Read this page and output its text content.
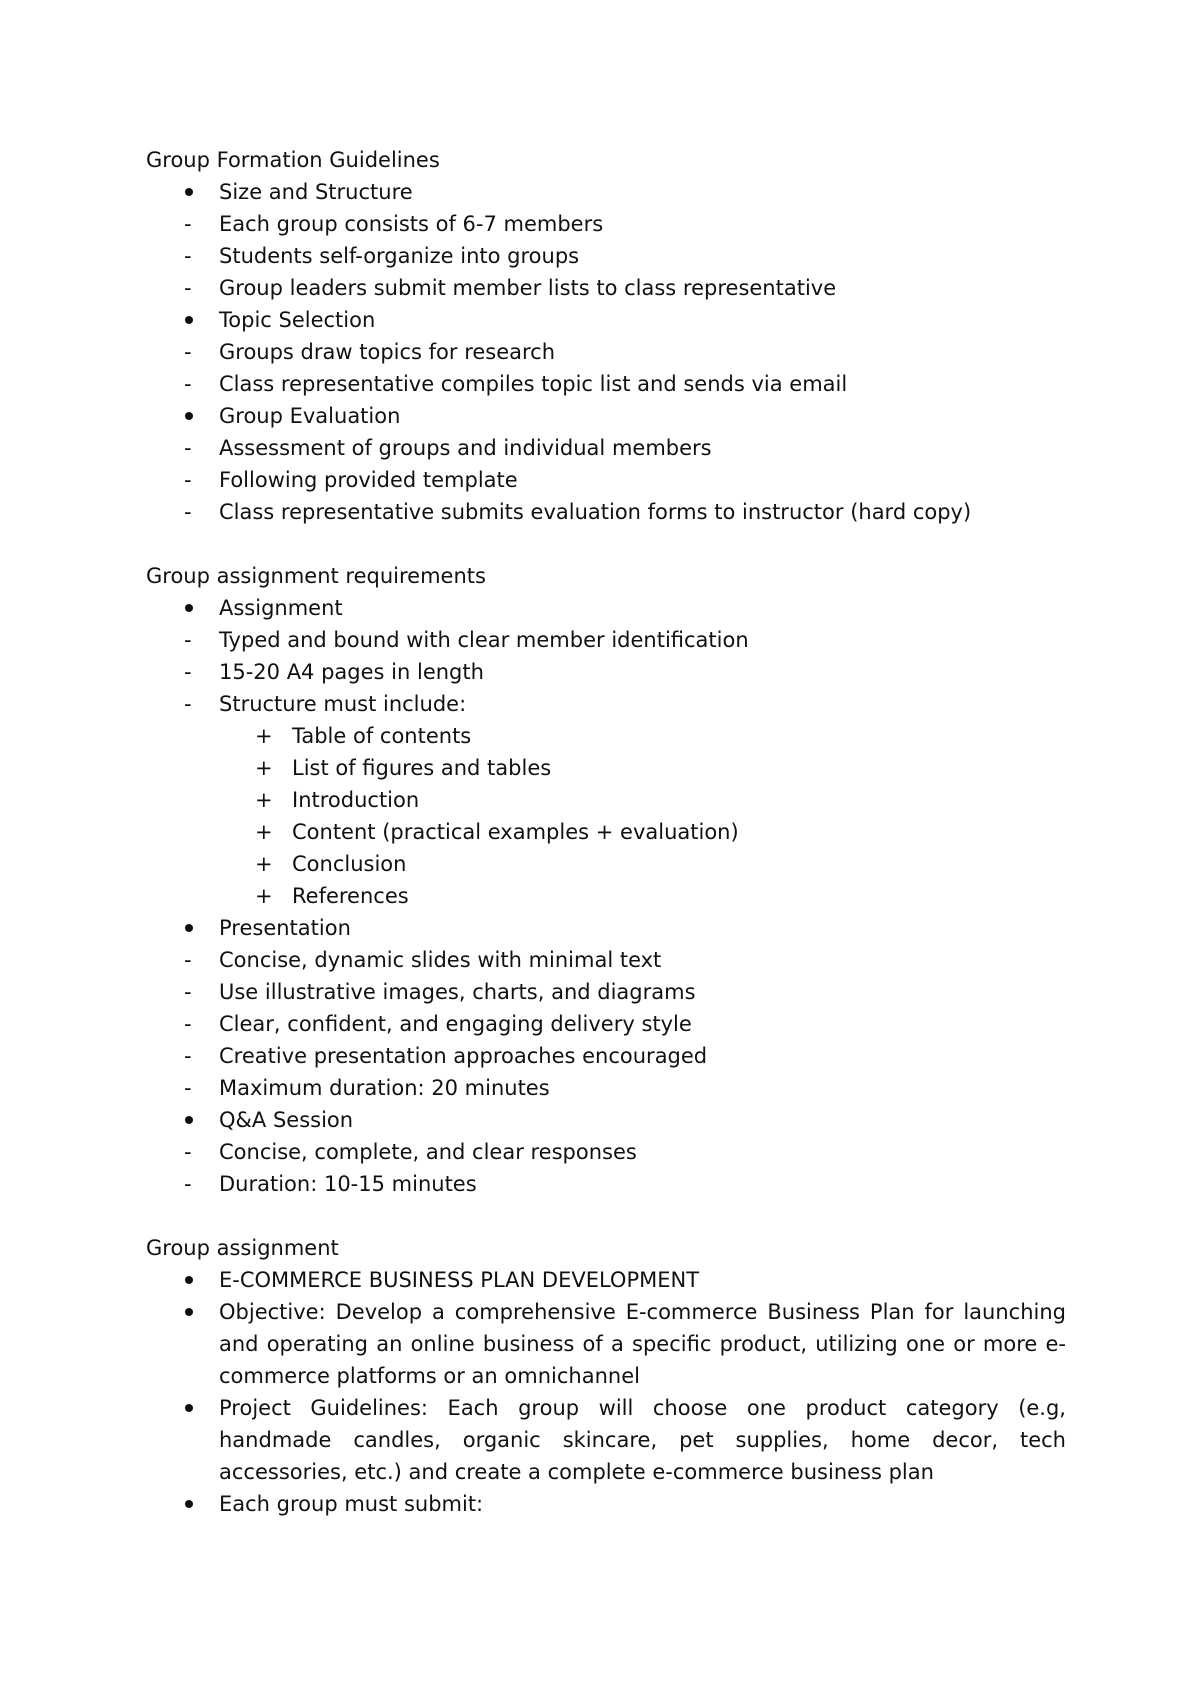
Group Formation Guidelines
Size and Structure
- Each group consists of 6-7 members
- Students self-organize into groups
- Group leaders submit member lists to class representative
Topic Selection
- Groups draw topics for research
- Class representative compiles topic list and sends via email
Group Evaluation
- Assessment of groups and individual members
- Following provided template
- Class representative submits evaluation forms to instructor (hard copy)
Group assignment requirements
Assignment
- Typed and bound with clear member identification
- 15-20 A4 pages in length
- Structure must include:
+ Table of contents
+ List of figures and tables
+ Introduction
+ Content (practical examples + evaluation)
+ Conclusion
+ References
Presentation
- Concise, dynamic slides with minimal text
- Use illustrative images, charts, and diagrams
- Clear, confident, and engaging delivery style
- Creative presentation approaches encouraged
- Maximum duration: 20 minutes
Q&A Session
- Concise, complete, and clear responses
- Duration: 10-15 minutes
Group assignment
E-COMMERCE BUSINESS PLAN DEVELOPMENT
Objective: Develop a comprehensive E-commerce Business Plan for launching and operating an online business of a specific product, utilizing one or more e-commerce platforms or an omnichannel
Project Guidelines: Each group will choose one product category (e.g, handmade candles, organic skincare, pet supplies, home decor, tech accessories, etc.) and create a complete e-commerce business plan
Each group must submit:
